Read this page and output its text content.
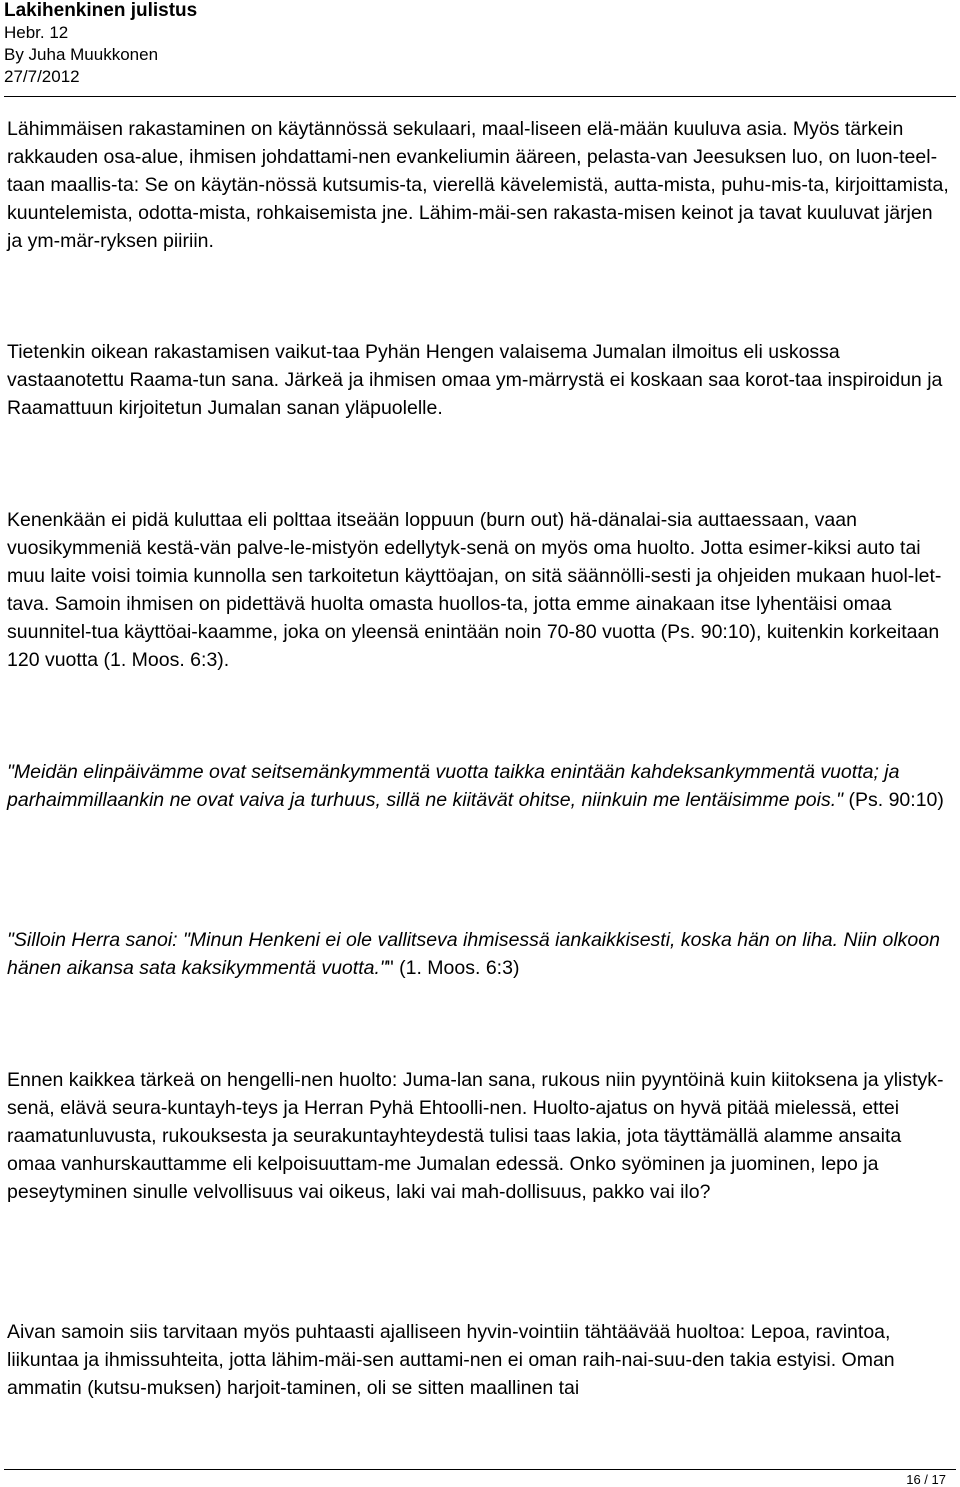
Lakihenkinen julistus
Hebr. 12
By Juha Muukkonen
27/7/2012

Lähimmäisen rakastaminen on käytännössä sekulaari, maal-liseen elä-mään kuuluva asia. Myös tärkein rakkauden osa-alue, ihmisen johdattami-nen evankeliumin ääreen, pelasta-van Jeesuksen luo, on luon-teel-taan maallis-ta: Se on käytän-nössä kutsumis-ta, vierellä kävelemistä, autta-mista, puhu-mis-ta, kirjoittamista, kuuntelemista, odotta-mista, rohkaisemista jne. Lähim-mäi-sen rakasta-misen keinot ja tavat kuuluvat järjen ja ym-mär-ryksen piiriin.

Tietenkin oikean rakastamisen vaikut-taa Pyhän Hengen valaisema Jumalan ilmoitus eli uskossa vastaanotettu Raama-tun sana. Järkeä ja ihmisen omaa ym-märrystä ei koskaan saa korot-taa inspiroidun ja Raamattuun kirjoitetun Jumalan sanan yläpuolelle.

Kenenkään ei pidä kuluttaa eli polttaa itseään loppuun (burn out) hä-dänalai-sia auttaessaan, vaan vuosikymmeniä kestä-vän palve-le-mistyön edellytyk-senä on myös oma huolto. Jotta esimer-kiksi auto tai muu laite voisi toimia kunnolla sen tarkoitetun käyttöajan, on sitä säännölli-sesti ja ohjeiden mukaan huol-let-tava. Samoin ihmisen on pidettävä huolta omasta huollos-ta, jotta emme ainakaan itse lyhentäisi omaa suunnitel-tua käyttöai-kaamme, joka on yleensä enintään noin 70-80 vuotta (Ps. 90:10), kuitenkin korkeitaan 120 vuotta (1. Moos. 6:3).

"Meidän elinpäivämme ovat seitsemänkymmentä vuotta taikka enintään kahdeksankymmentä vuotta; ja parhaimmillaankin ne ovat vaiva ja turhuus, sillä ne kiitävät ohitse, niinkuin me lentäisimme pois." (Ps. 90:10)

"Silloin Herra sanoi: "Minun Henkeni ei ole vallitseva ihmisessä iankaikkisesti, koska hän on liha. Niin olkoon hänen aikansa sata kaksikymmentä vuotta."" (1. Moos. 6:3)

Ennen kaikkea tärkeä on hengelli-nen huolto: Juma-lan sana, rukous niin pyyntöinä kuin kiitoksena ja ylistyk-senä, elävä seura-kuntayh-teys ja Herran Pyhä Ehtoolli-nen. Huolto-ajatus on hyvä pitää mielessä, ettei raamatunluvusta, rukouksesta ja seurakuntayhteydestä tulisi taas lakia, jota täyttämällä alamme ansaita omaa vanhurskauttamme eli kelpoisuuttam-me Jumalan edessä. Onko syöminen ja juominen, lepo ja peseytyminen sinulle velvollisuus vai oikeus, laki vai mah-dollisuus, pakko vai ilo?

Aivan samoin siis tarvitaan myös puhtaasti ajalliseen hyvin-vointiin tähtäävää huoltoa: Lepoa, ravintoa, liikuntaa ja ihmissuhteita, jotta lähim-mäi-sen auttami-nen ei oman raih-nai-suu-den takia estyisi. Oman ammatin (kutsu-muksen) harjoit-taminen, oli se sitten maallinen tai

16 / 17
